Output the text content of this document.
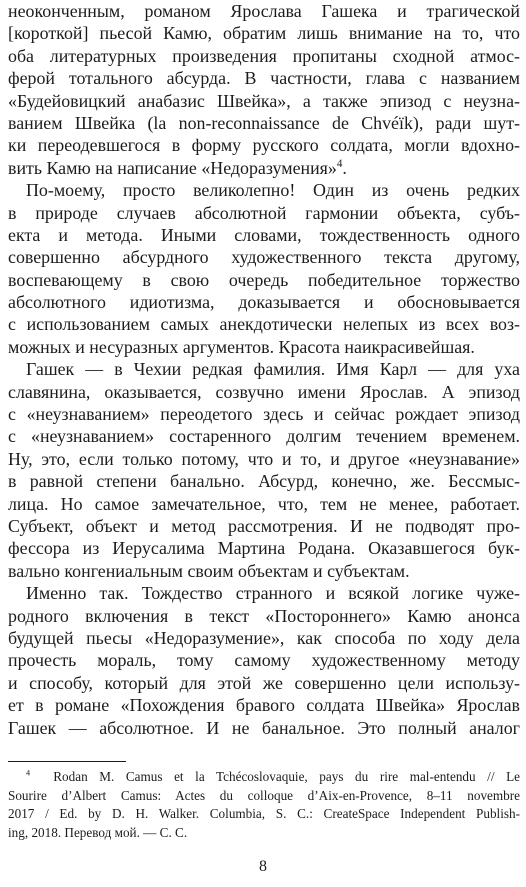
неоконченным, романом Ярослава Гашека и трагической
[короткой] пьесой Камю, обратим лишь внимание на то, что
оба литературных произведения пропитаны сходной атмос-
ферой тотального абсурда. В частности, глава с названием
«Будейовицкий анабазис Швейка», а также эпизод с неузна-
ванием Швейка (la non-reconnaissance de Chvéïk), ради шут-
ки переодевшегося в форму русского солдата, могли вдохно-
вить Камю на написание «Недоразумения»$^4$.
По-моему, просто великолепно! Один из очень редких
в природе случаев абсолютной гармонии объекта, субъ-
екта и метода. Иными словами, тождественность одного
совершенно абсурдного художественного текста другому,
воспевающему в свою очередь победительное торжество
абсолютного идиотизма, доказывается и обосновывается
с использованием самых анекдотически нелепых из всех воз-
можных и несуразных аргументов. Красота наикрасивейшая.
Гашек — в Чехии редкая фамилия. Имя Карл — для уха
славянина, оказывается, созвучно имени Ярослав. А эпизод
с «неузнаванием» переодетого здесь и сейчас рождает эпизод
с «неузнаванием» состаренного долгим течением временем.
Ну, это, если только потому, что и то, и другое «неузнавание»
в равной степени банально. Абсурд, конечно, же. Бессмыс-
лица. Но самое замечательное, что, тем не менее, работает.
Субъект, объект и метод рассмотрения. И не подводят про-
фессора из Иерусалима Мартина Родана. Оказавшегося бук-
вально конгениальным своим объектам и субъектам.
Именно так. Тождество странного и всякой логике чуже-
родного включения в текст «Постороннего» Камю анонса
будущей пьесы «Недоразумение», как способа по ходу дела
прочесть мораль, тому самому художественному методу
и способу, который для этой же совершенно цели использу-
ет в романе «Похождения бравого солдата Швейка» Ярослав
Гашек — абсолютное. И не банальное. Это полный аналог
$^4$ Rodan M. Camus et la Tchécoslovaquie, pays du rire mal-entendu // Le
Sourire d’Albert Camus: Actes du colloque d’Aix-en-Provence, 8–11 novembre
2017 / Ed. by D. H. Walker. Columbia, S. C.: CreateSpace Independent Publish-
ing, 2018. Перевод мой. — С. С.
8
